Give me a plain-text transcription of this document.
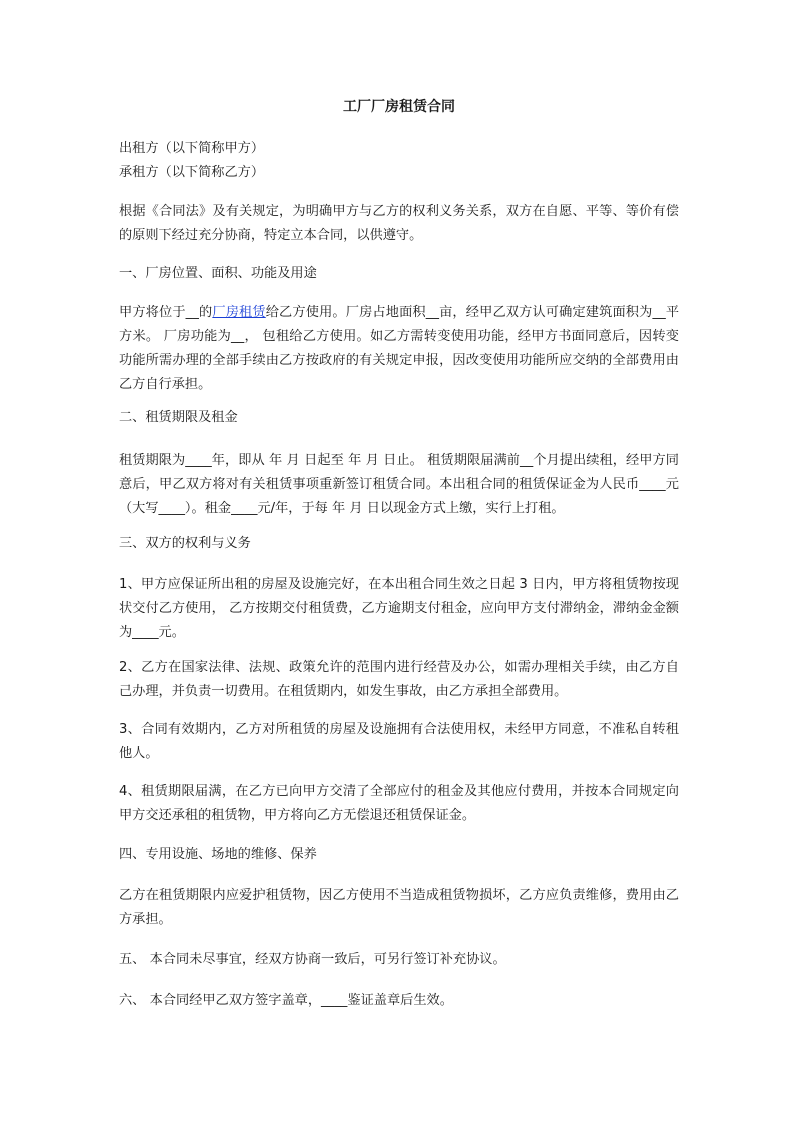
工厂厂房租赁合同

出租方（以下简称甲方）

承租方（以下简称乙方）

根据《合同法》及有关规定，为明确甲方与乙方的权利义务关系，双方在自愿、平等、等价有偿的原则下经过充分协商，特定立本合同，以供遵守。

一、厂房位置、面积、功能及用途

甲方将位于__的厂房租赁给乙方使用。厂房占地面积__亩，经甲乙双方认可确定建筑面积为__平方米。 厂房功能为__， 包租给乙方使用。如乙方需转变使用功能，经甲方书面同意后，因转变功能所需办理的全部手续由乙方按政府的有关规定申报，因改变使用功能所应交纳的全部费用由乙方自行承担。

二、租赁期限及租金

租赁期限为____年，即从 年 月 日起至 年 月 日止。 租赁期限届满前__个月提出续租，经甲方同意后，甲乙双方将对有关租赁事项重新签订租赁合同。本出租合同的租赁保证金为人民币____元（大写____）。租金____元/年，于每 年 月 日以现金方式上缴，实行上打租。

三、双方的权利与义务

1、甲方应保证所出租的房屋及设施完好，在本出租合同生效之日起 3 日内，甲方将租赁物按现状交付乙方使用， 乙方按期交付租赁费，乙方逾期支付租金，应向甲方支付滞纳金，滞纳金金额为____元。

2、乙方在国家法律、法规、政策允许的范围内进行经营及办公，如需办理相关手续，由乙方自己办理，并负责一切费用。在租赁期内，如发生事故，由乙方承担全部费用。

3、合同有效期内，乙方对所租赁的房屋及设施拥有合法使用权，未经甲方同意，不准私自转租他人。

4、租赁期限届满，在乙方已向甲方交清了全部应付的租金及其他应付费用，并按本合同规定向甲方交还承租的租赁物，甲方将向乙方无偿退还租赁保证金。

四、专用设施、场地的维修、保养

乙方在租赁期限内应爱护租赁物，因乙方使用不当造成租赁物损坏，乙方应负责维修，费用由乙方承担。

五、 本合同未尽事宜，经双方协商一致后，可另行签订补充协议。
六、 本合同经甲乙双方签字盖章，____鉴证盖章后生效。
